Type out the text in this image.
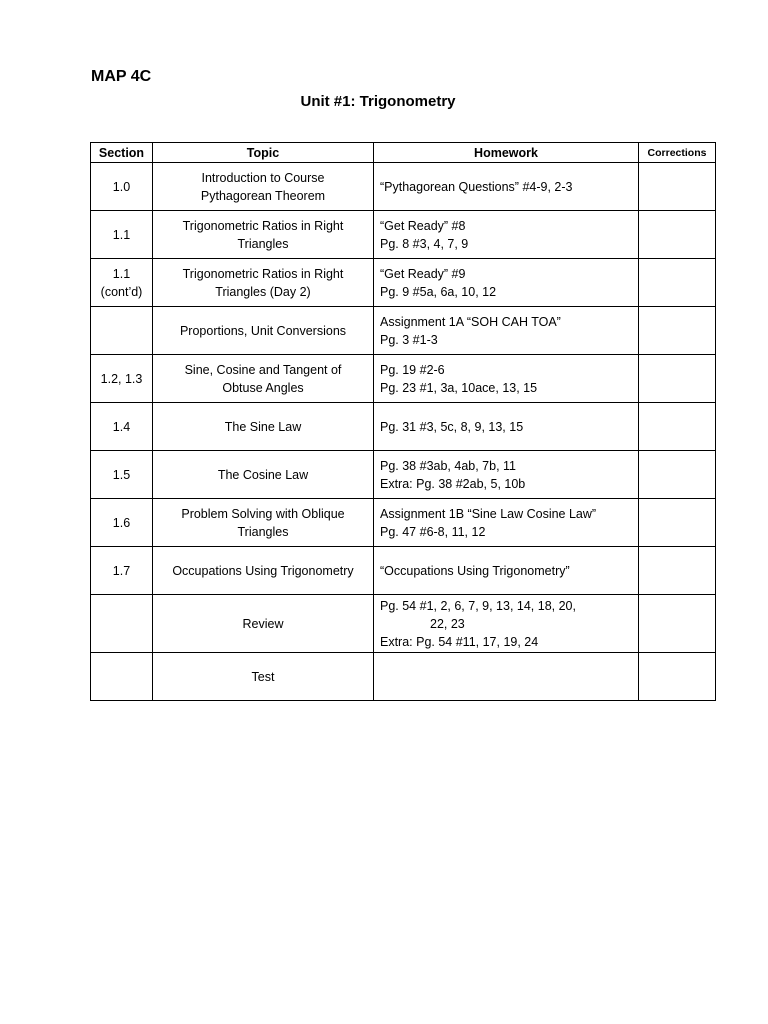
MAP 4C
Unit #1: Trigonometry
Section	Topic	Homework	Corrections

1.0	Introduction to Course
Pythagorean Theorem	“Pythagorean Questions” #4-9, 2-3	

1.1	Trigonometric Ratios in Right
Triangles	“Get Ready” #8
Pg. 8 #3, 4, 7, 9	

1.1
(cont’d)	Trigonometric Ratios in Right
Triangles (Day 2)	“Get Ready” #9
Pg. 9 #5a, 6a, 10, 12	

	Proportions, Unit Conversions	Assignment 1A “SOH CAH TOA”
Pg. 3 #1-3	

1.2, 1.3	Sine, Cosine and Tangent of
Obtuse Angles	Pg. 19 #2-6
Pg. 23 #1, 3a, 10ace, 13, 15	

1.4	The Sine Law	Pg. 31 #3, 5c, 8, 9, 13, 15	

1.5	The Cosine Law	Pg. 38 #3ab, 4ab, 7b, 11
Extra: Pg. 38 #2ab, 5, 10b	

1.6	Problem Solving with Oblique
Triangles	Assignment 1B “Sine Law Cosine Law”
Pg. 47 #6-8, 11, 12	

1.7	Occupations Using Trigonometry	“Occupations Using Trigonometry”	

	Review	Pg. 54 #1, 2, 6, 7, 9, 13, 14, 18, 20,
22, 23
Extra: Pg. 54 #11, 17, 19, 24	

	Test		
